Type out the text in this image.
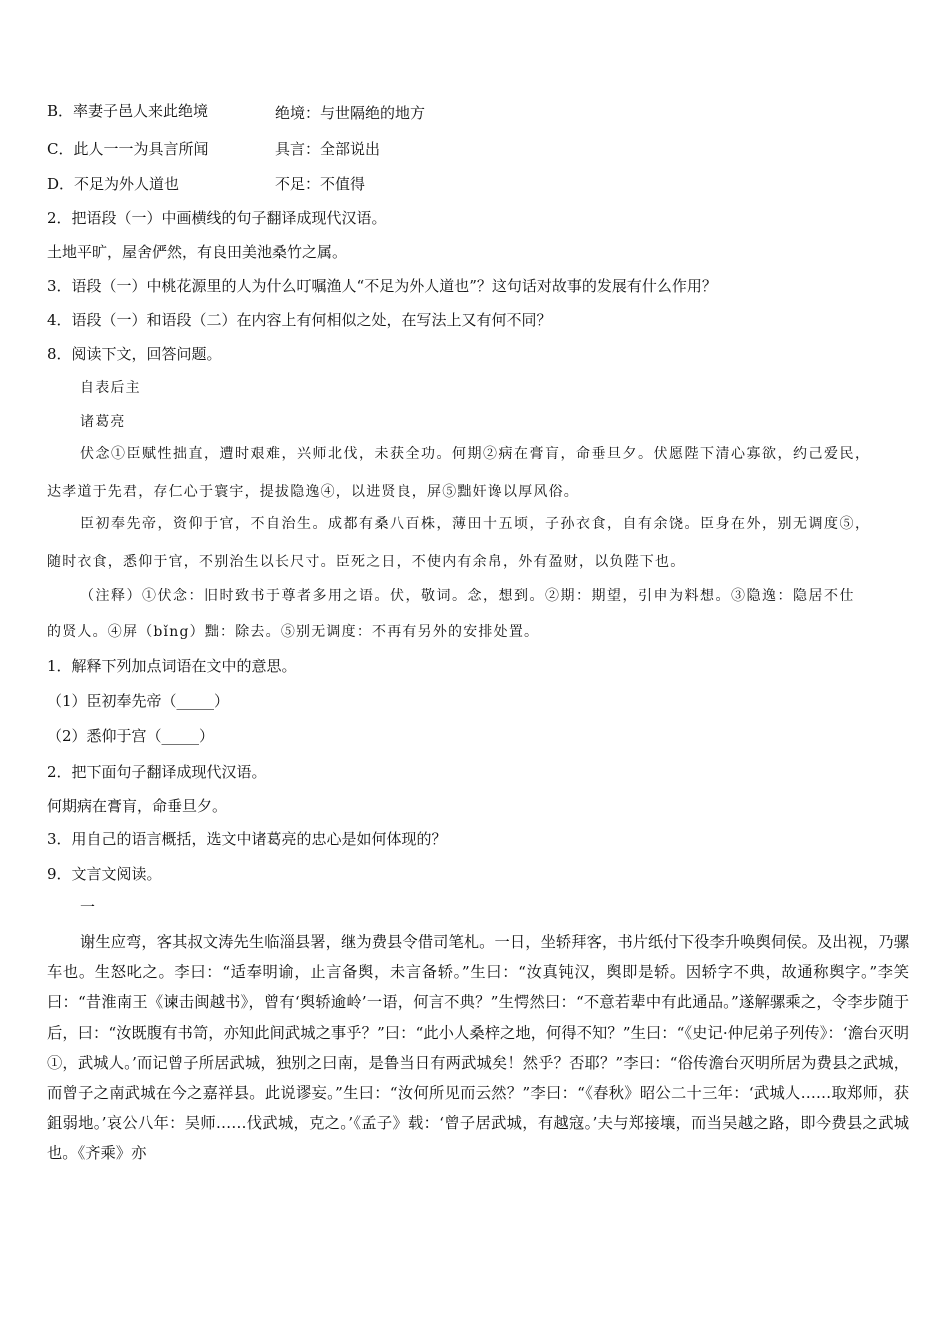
B．率妻子邑人来此绝境	绝境：与世隔绝的地方
C．此人一一为具言所闻	具言：全部说出
D．不足为外人道也	不足：不值得
2．把语段（一）中画横线的句子翻译成现代汉语。
土地平旷，屋舍俨然，有良田美池桑竹之属。
3．语段（一）中桃花源里的人为什么叮嘱渔人“不足为外人道也”？这句话对故事的发展有什么作用？
4．语段（一）和语段（二）在内容上有何相似之处，在写法上又有何不同？
8．阅读下文，回答问题。
自表后主
诸葛亮
伏念①臣赋性拙直，遭时艰难，兴师北伐，未获全功。何期②病在膏肓，命垂旦夕。伏愿陛下清心寡欲，约己爱民，
达孝道于先君，存仁心于寰宇，提拔隐逸④，以进贤良，屏⑤黜奸谗以厚风俗。
臣初奉先帝，资仰于官，不自治生。成都有桑八百株，薄田十五顷，子孙衣食，自有余饶。臣身在外，别无调度⑤，
随时衣食，悉仰于官，不别治生以长尺寸。臣死之日，不使内有余帛，外有盈财，以负陛下也。
（注释）①伏念：旧时致书于尊者多用之语。伏，敬词。念，想到。②期：期望，引申为料想。③隐逸：隐居不仕
的贤人。④屏（bǐng）黜：除去。⑤别无调度：不再有另外的安排处置。
1．解释下列加点词语在文中的意思。
（1）臣初奉先帝（_____）
（2）悉仰于宫（_____）
2．把下面句子翻译成现代汉语。
何期病在膏肓，命垂旦夕。
3．用自己的语言概括，选文中诸葛亮的忠心是如何体现的？
9．文言文阅读。
一
谢生应弯，客其叔文涛先生临淄县署，继为费县令借司笔札。一日，坐轿拜客，书片纸付下役李升唤舆伺侯。及出视，乃骡车也。生怒叱之。李曰：“适奉明谕，止言备舆，未言备轿。”生曰：“汝真钝汉，舆即是轿。因轿字不典，故通称舆字。”李笑曰：“昔淮南王《谏击闽越书》，曾有‘舆轿逾岭’一语，何言不典？”生愕然曰：“不意若辈中有此通品。”遂解骡乘之，令李步随于后，曰：“汝既腹有书笥，亦知此间武城之事乎？”曰：“此小人桑梓之地，何得不知？”生曰：“《史记·仲尼弟子列传》：‘澹台灭明①，武城人。’而记曾子所居武城，独别之曰南，是鲁当日有两武城矣！然乎？否耶？”李曰：“俗传澹台灭明所居为费县之武城，而曾子之南武城在今之嘉祥县。此说谬妄。”生曰：“汝何所见而云然？”李曰：“《春秋》昭公二十三年：‘武城人……取郑师，获鉏弱地。’哀公八年：吴师……伐武城，克之。’《孟子》载：‘曾子居武城，有越寇。’夫与郑接壤，而当吴越之路，即今费县之武城也。《齐乘》亦
